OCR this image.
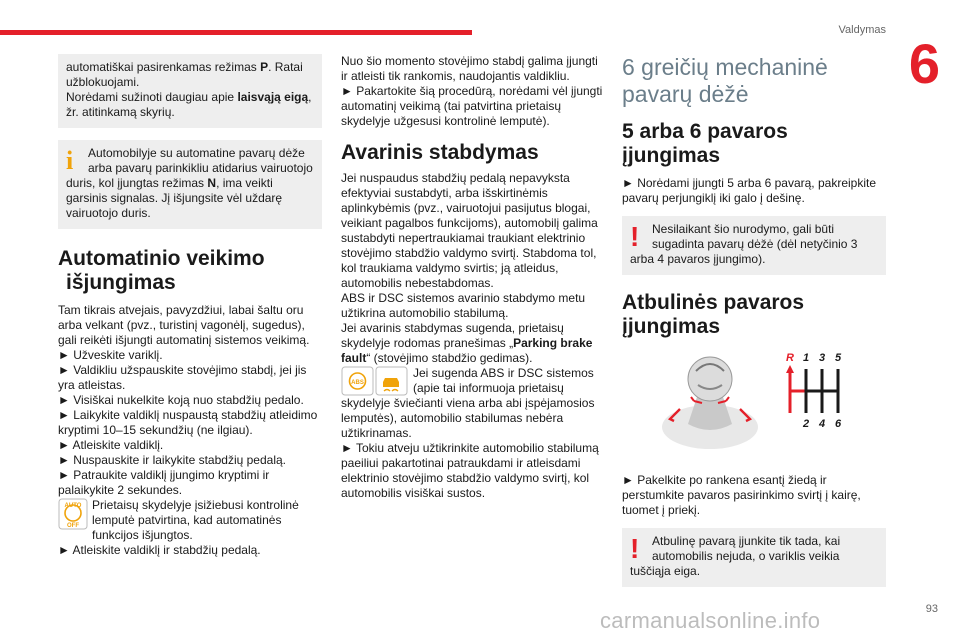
Valdymas
6

automatiškai pasirenkamas režimas P. Ratai užblokuojami.

Norėdami sužinoti daugiau apie laisvąją eigą, žr. atitinkamą skyrių.

i	Automobilyje su automatine pavarų dėže arba pavarų parinkikliu atidarius vairuotojo duris, kol įjungtas režimas N, ima veikti garsinis signalas. Jį išjungsite vėl uždarę vairuotojo duris.

Automatinio veikimo
išjungimas

Tam tikrais atvejais, pavyzdžiui, labai šaltu oru arba velkant (pvz., turistinį vagonėlį, sugedus), gali reikėti išjungti automatinį sistemos veikimą.

► Užveskite variklį.

► Valdikliu užspauskite stovėjimo stabdį, jei jis yra atleistas.

► Visiškai nukelkite koją nuo stabdžių pedalo.

► Laikykite valdiklį nuspaustą stabdžių atleidimo kryptimi 10–15 sekundžių (ne ilgiau).

► Atleiskite valdiklį.

► Nuspauskite ir laikykite stabdžių pedalą.

► Patraukite valdiklį įjungimo kryptimi ir palaikykite 2 sekundes.

AUTO
OFF

Prietaisų skydelyje įsižiebusi kontrolinė lemputė patvirtina, kad automatinės funkcijos išjungtos.

► Atleiskite valdiklį ir stabdžių pedalą.

Nuo šio momento stovėjimo stabdį galima įjungti ir atleisti tik rankomis, naudojantis valdikliu.

► Pakartokite šią procedūrą, norėdami vėl įjungti automatinį veikimą (tai patvirtina prietaisų skydelyje užgesusi kontrolinė lemputė).

Avarinis stabdymas

Jei nuspaudus stabdžių pedalą nepavyksta efektyviai sustabdyti, arba išskirtinėmis aplinkybėmis (pvz., vairuotojui pasijutus blogai, veikiant pagalbos funkcijoms), automobilį galima sustabdyti nepertraukiamai traukiant elektrinio stovėjimo stabdžio valdymo svirtį. Stabdoma tol, kol traukiama valdymo svirtis; ją atleidus, automobilis nebestabdomas.

ABS ir DSC sistemos avarinio stabdymo metu užtikrina automobilio stabilumą.

Jei avarinis stabdymas sugenda, prietaisų skydelyje rodomas pranešimas „Parking brake fault“ (stovėjimo stabdžio gedimas).

ABS

Jei sugenda ABS ir DSC sistemos (apie tai informuoja prietaisų skydelyje šviečianti viena arba abi įspėjamosios lemputės), automobilio stabilumas nebėra užtikrinamas.

► Tokiu atveju užtikrinkite automobilio stabilumą paeiliui pakartotinai patraukdami ir atleisdami elektrinio stovėjimo stabdžio valdymo svirtį, kol automobilis visiškai sustos.

6 greičių mechaninė
pavarų dėžė
5 arba 6 pavaros įjungimas

► Norėdami įjungti 5 arba 6 pavarą, pakreipkite pavarų perjungiklį iki galo į dešinę.

!	Nesilaikant šio nurodymo, gali būti sugadinta pavarų dėžė (dėl netyčinio 3 arba 4 pavaros įjungimo).

Atbulinės pavaros įjungimas
R 1 3 5
2 4 6

► Pakelkite po rankena esantį žiedą ir perstumkite pavaros pasirinkimo svirtį į kairę, tuomet į priekį.

!	Atbulinę pavarą įjunkite tik tada, kai automobilis nejuda, o variklis veikia tuščiąja eiga.

carmanualsonline.info	93
